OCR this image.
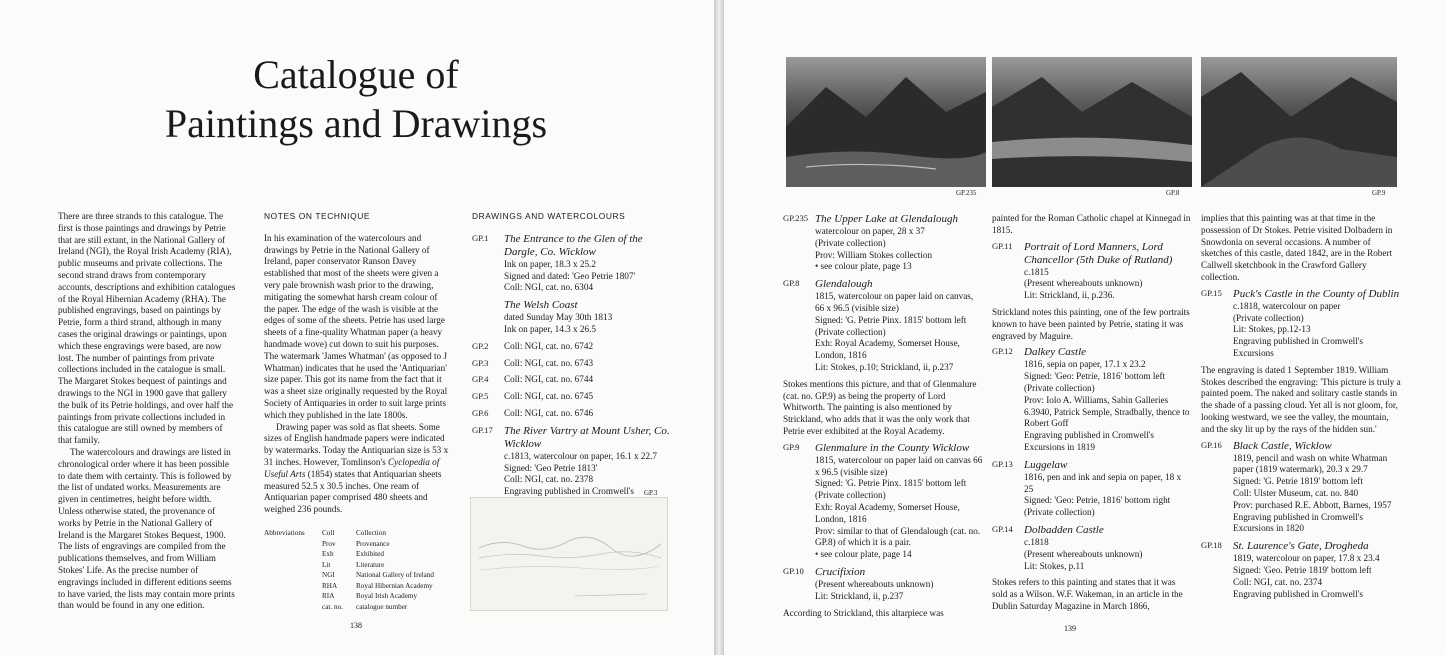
Catalogue of
Paintings and Drawings

There are three strands to this catalogue. The first is those paintings and drawings by Petrie that are still extant, in the National Gallery of Ireland (NGI), the Royal Irish Academy (RIA), public museums and private collections. The second strand draws from contemporary accounts, descriptions and exhibition catalogues of the Royal Hibernian Academy (RHA). The published engravings, based on paintings by Petrie, form a third strand, although in many cases the original drawings or paintings, upon which these engravings were based, are now lost. The number of paintings from private collections included in the catalogue is small. The Margaret Stokes bequest of paintings and drawings to the NGI in 1900 gave that gallery the bulk of its Petrie holdings, and over half the paintings from private collections included in this catalogue are still owned by members of that family.

The watercolours and drawings are listed in chronological order where it has been possible to date them with certainty. This is followed by the list of undated works. Measurements are given in centimetres, height before width. Unless otherwise stated, the provenance of works by Petrie in the National Gallery of Ireland is the Margaret Stokes Bequest, 1900. The lists of engravings are compiled from the publications themselves, and from William Stokes' Life. As the precise number of engravings included in different editions seems to have varied, the lists may contain more prints than would be found in any one edition.

NOTES ON TECHNIQUE

In his examination of the watercolours and drawings by Petrie in the National Gallery of Ireland, paper conservator Ranson Davey established that most of the sheets were given a very pale brownish wash prior to the drawing, mitigating the somewhat harsh cream colour of the paper. The edge of the wash is visible at the edges of some of the sheets. Petrie has used large sheets of a fine-quality Whatman paper (a heavy handmade wove) cut down to suit his purposes. The watermark 'James Whatman' (as opposed to J Whatman) indicates that he used the 'Antiquarian' size paper. This got its name from the fact that it was a sheet size originally requested by the Royal Society of Antiquaries in order to suit large prints which they published in the late 1800s.

Drawing paper was sold as flat sheets. Some sizes of English handmade papers were indicated by watermarks. Today the Antiquarian size is 53 x 31 inches. However, Tomlinson's Cyclopedia of Useful Arts (1854) states that Antiquarian sheets measured 52.5 x 30.5 inches. One ream of Antiquarian paper comprised 480 sheets and weighed 236 pounds.

Abbreviations	Coll	Collection
Prov	Provenance
Exh	Exhibited
Lit	Literature
NGI	National Gallery of Ireland
RHA	Royal Hibernian Academy
RIA	Royal Irish Academy
cat. no.	catalogue number
DRAWINGS AND WATERCOLOURS
GP.1	The Entrance to the Glen of the Dargle, Co. Wicklow
Ink on paper, 18.3 x 25.2
Signed and dated: 'Geo Petrie 1807'
Coll: NGI, cat. no. 6304
The Welsh Coast
dated Sunday May 30th 1813
Ink on paper, 14.3 x 26.5
GP.2	Coll: NGI, cat. no. 6742
GP.3	Coll: NGI, cat. no. 6743
GP.4	Coll: NGI, cat. no. 6744
GP.5	Coll: NGI, cat. no. 6745
GP.6	Coll: NGI, cat. no. 6746
GP.17	The River Vartry at Mount Usher, Co. Wicklow
c.1813, watercolour on paper, 16.1 x 22.7
Signed: 'Geo Petrie 1813'
Coll: NGI, cat. no. 2378
Engraving published in Cromwell's	GP.3
138
GP.235	GP.8	GP.9
GP.235 The Upper Lake at Glendalough
watercolour on paper, 28 x 37
(Private collection)
Prov: William Stokes collection
• see colour plate, page 13
GP.8	Glendalough
1815, watercolour on paper laid on canvas, 66 x 96.5 (visible size)
Signed: 'G. Petrie Pinx. 1815' bottom left
(Private collection)
Exh: Royal Academy, Somerset House, London, 1816
Lit: Stokes, p.10; Strickland, ii, p.237
Stokes mentions this picture, and that of Glenmalure (cat. no. GP.9) as being the property of Lord Whitworth. The painting is also mentioned by Strickland, who adds that it was the only work that Petrie ever exhibited at the Royal Academy.
GP.9	Glenmalure in the County Wicklow
1815, watercolour on paper laid on canvas 66 x 96.5 (visible size)
Signed: 'G. Petrie Pinx. 1815' bottom left
(Private collection)
Exh: Royal Academy, Somerset House, London, 1816
Prov: similar to that of Glendalough (cat. no. GP.8) of which it is a pair.
• see colour plate, page 14
GP.10	Crucifixion
(Present whereabouts unknown)
Lit: Strickland, ii, p.237
According to Strickland, this altarpiece was
painted for the Roman Catholic chapel at Kinnegad in 1815.
GP.11	Portrait of Lord Manners, Lord Chancellor (5th Duke of Rutland)
c.1815
(Present whereabouts unknown)
Lit: Strickland, ii, p.236.
Strickland notes this painting, one of the few portraits known to have been painted by Petrie, stating it was engraved by Maguire.
GP.12	Dalkey Castle
1816, sepia on paper, 17.1 x 23.2
Signed: 'Geo: Petrie, 1816' bottom left
(Private collection)
Prov: Iolo A. Williams, Sabin Galleries 6.3940, Patrick Semple, Stradbally, thence to Robert Goff
Engraving published in Cromwell's
Excursions in 1819
GP.13	Luggelaw
1816, pen and ink and sepia on paper, 18 x 25
Signed: 'Geo: Petrie, 1816' bottom right
(Private collection)
GP.14	Dolbadden Castle
c.1818
(Present whereabouts unknown)
Lit: Stokes, p.11
Stokes refers to this painting and states that it was sold as a Wilson. W.F. Wakeman, in an article in the Dublin Saturday Magazine in March 1866,
implies that this painting was at that time in the possession of Dr Stokes. Petrie visited Dolbadern in Snowdonia on several occasions. A number of sketches of this castle, dated 1842, are in the Robert Callwell sketchbook in the Crawford Gallery collection.
GP.15	Puck's Castle in the County of Dublin
c.1818, watercolour on paper
(Private collection)
Lit: Stokes, pp.12-13
Engraving published in Cromwell's
Excursions
The engraving is dated 1 September 1819. William Stokes described the engraving: 'This picture is truly a painted poem. The naked and solitary castle stands in the shade of a passing cloud. Yet all is not gloom, for, looking westward, we see the valley, the mountain, and the sky lit up by the rays of the hidden sun.'
GP.16	Black Castle, Wicklow
1819, pencil and wash on white Whatman paper (1819 watermark), 20.3 x 29.7
Signed: 'G. Petrie 1819' bottom left
Coll: Ulster Museum, cat. no. 840
Prov: purchased R.E. Abbott, Barnes, 1957
Engraving published in Cromwell's
Excursions in 1820
GP.18	St. Laurence's Gate, Drogheda
1819, watercolour on paper, 17.8 x 23.4
Signed: 'Geo. Petrie 1819' bottom left
Coll: NGI, cat. no. 2374
Engraving published in Cromwell's
139
